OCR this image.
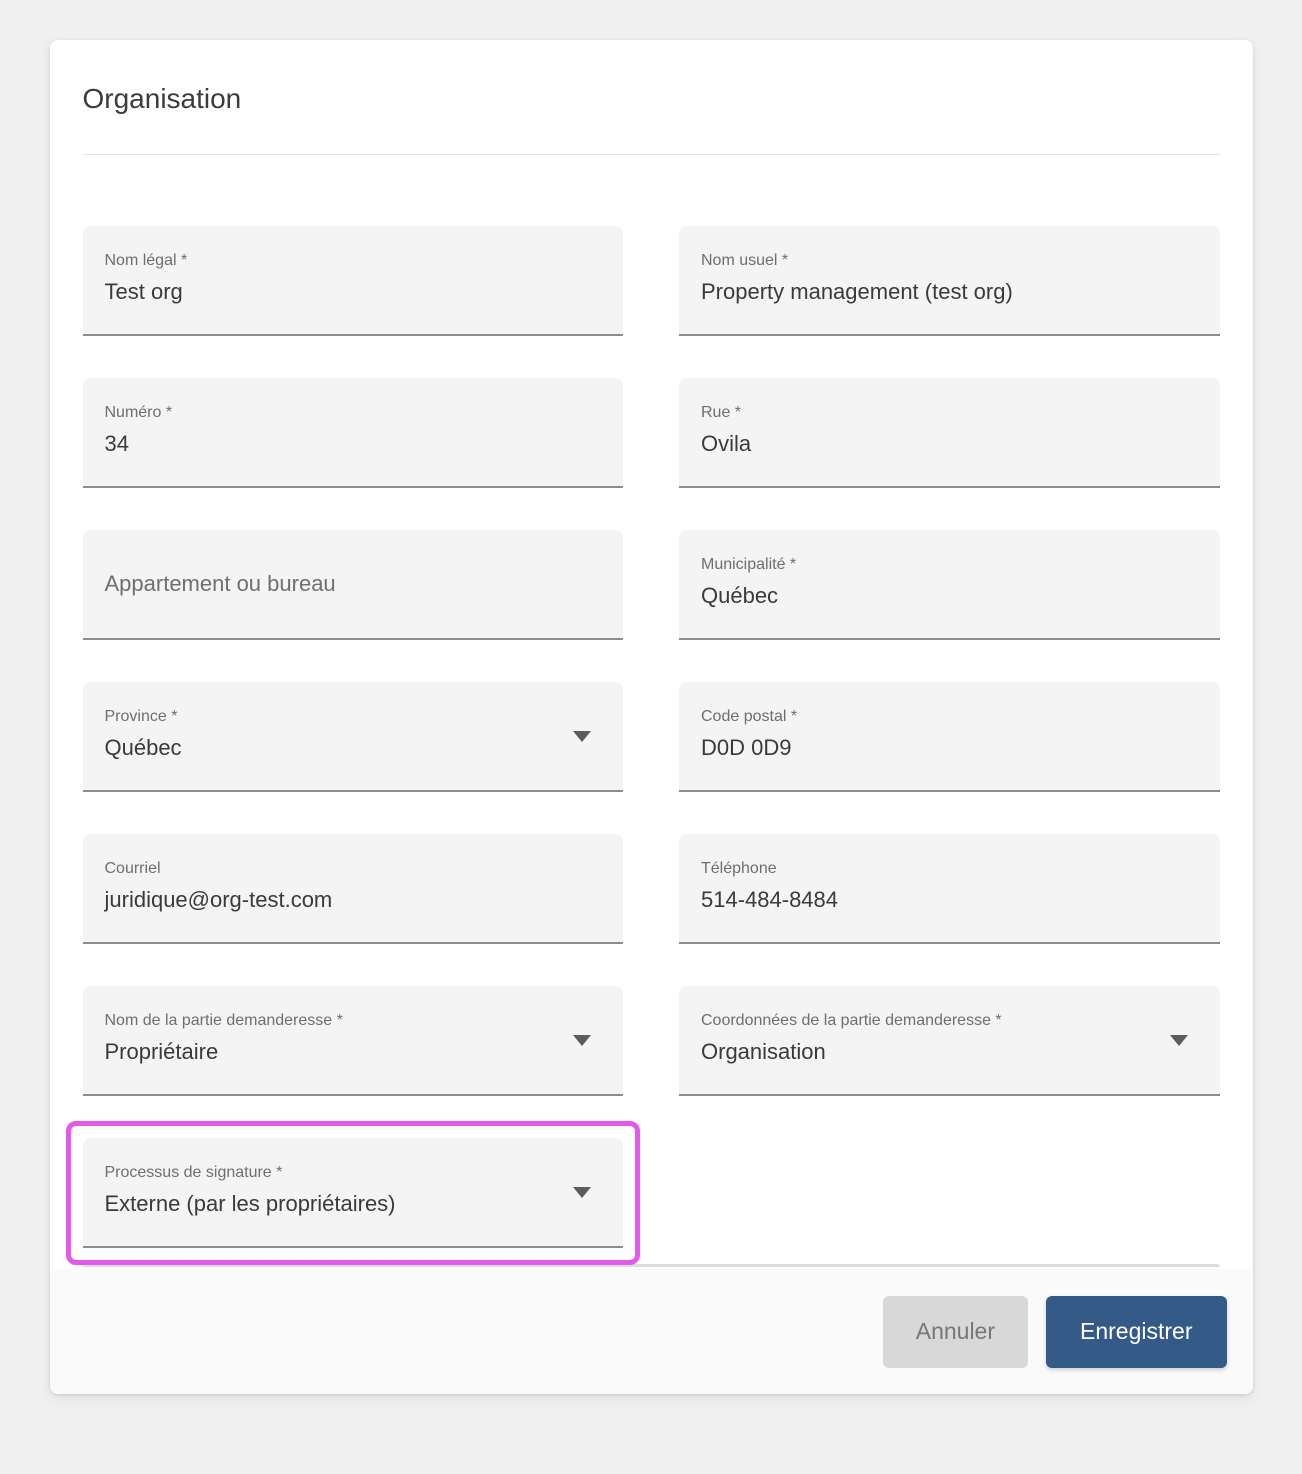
Organisation
Nom légal *
Test org
Nom usuel *
Property management (test org)
Numéro *
34
Rue *
Ovila
Appartement ou bureau
Municipalité *
Québec
Province *
Québec
Code postal *
D0D 0D9
Courriel
juridique@org-test.com
Téléphone
514-484-8484
Nom de la partie demanderesse *
Propriétaire
Coordonnées de la partie demanderesse *
Organisation
Processus de signature *
Externe (par les propriétaires)
Annuler	Enregistrer
